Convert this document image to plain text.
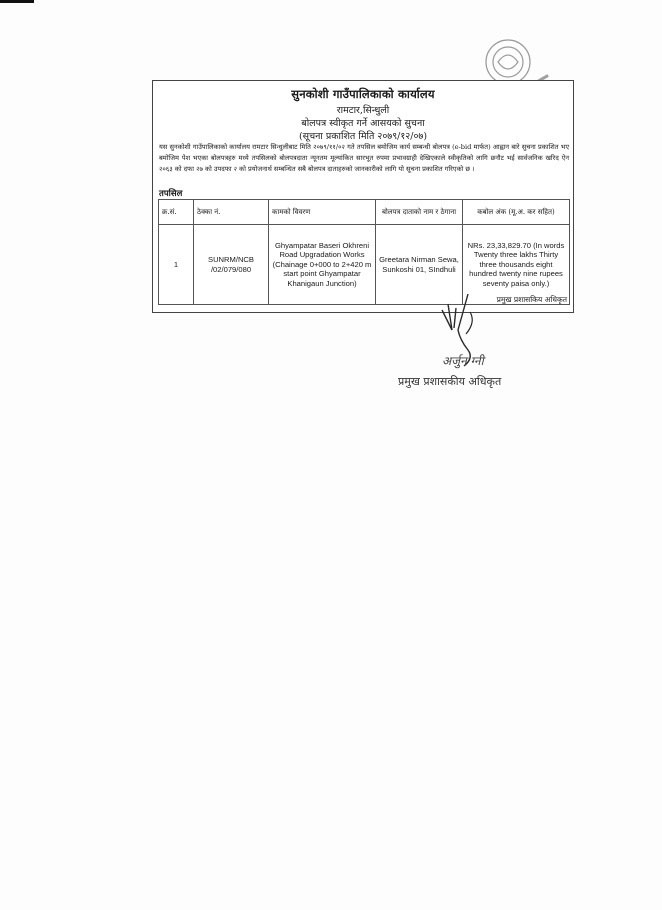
सुनकोशी गाउँपालिकाको कार्यालय
रामटार,सिन्धुली
बोलपत्र स्वीकृत गर्ने आसयको सुचना
(सूचना प्रकाशित मिति २०७९/१२/०७)
यस सुनकोशी गाउँपालिकाको कार्यालय रामटार सिन्धुलीबाट मिति २०७९/११/०२ गते तपसिल बमोजिम कार्य सम्बन्धी बोलपत्र (e-bid मार्फत) आह्वान बारे सुचना प्रकाशित भए बमोजिम पेश भएका बोलपत्रहरु मध्ये तपसिलको बोलपत्रदाता न्यूनतम मूल्यांकित सारभूत रुपमा प्रभावग्राही देखिएकाले स्वीकृतिको लागि छनौट भई सार्वजनिक खरिद ऐन २०६३ को दफा २७ को उपदफा २ को प्रयोजनार्थ सम्बन्धित सबै बोलपत्र दाताहरुको जानकारीको लागि यो सूचना प्रकाशित गरिएको छ ।
तपसिल
क्र.सं.	ठेक्का नं.	कामको विवरण	बोलपत्र दाताको नाम र ठेगाना	कबोल अंक (मू.अ. कर सहित)
1	SUNRM/NCB /02/079/080	Ghyampatar Baseri Okhreni Road Upgradation Works (Chainage 0+000 to 2+420 m start point Ghyampatar Khanigaun Junction)	Greetara Nirman Sewa, Sunkoshi 01, SIndhuli	NRs. 23,33,829.70 (In words Twenty three lakhs Thirty three thousands eight hundred twenty nine rupees seventy paisa only.)
प्रमुख प्रशासकिय अधिकृत
अर्जुन ग्नी
प्रमुख प्रशासकीय अधिकृत
